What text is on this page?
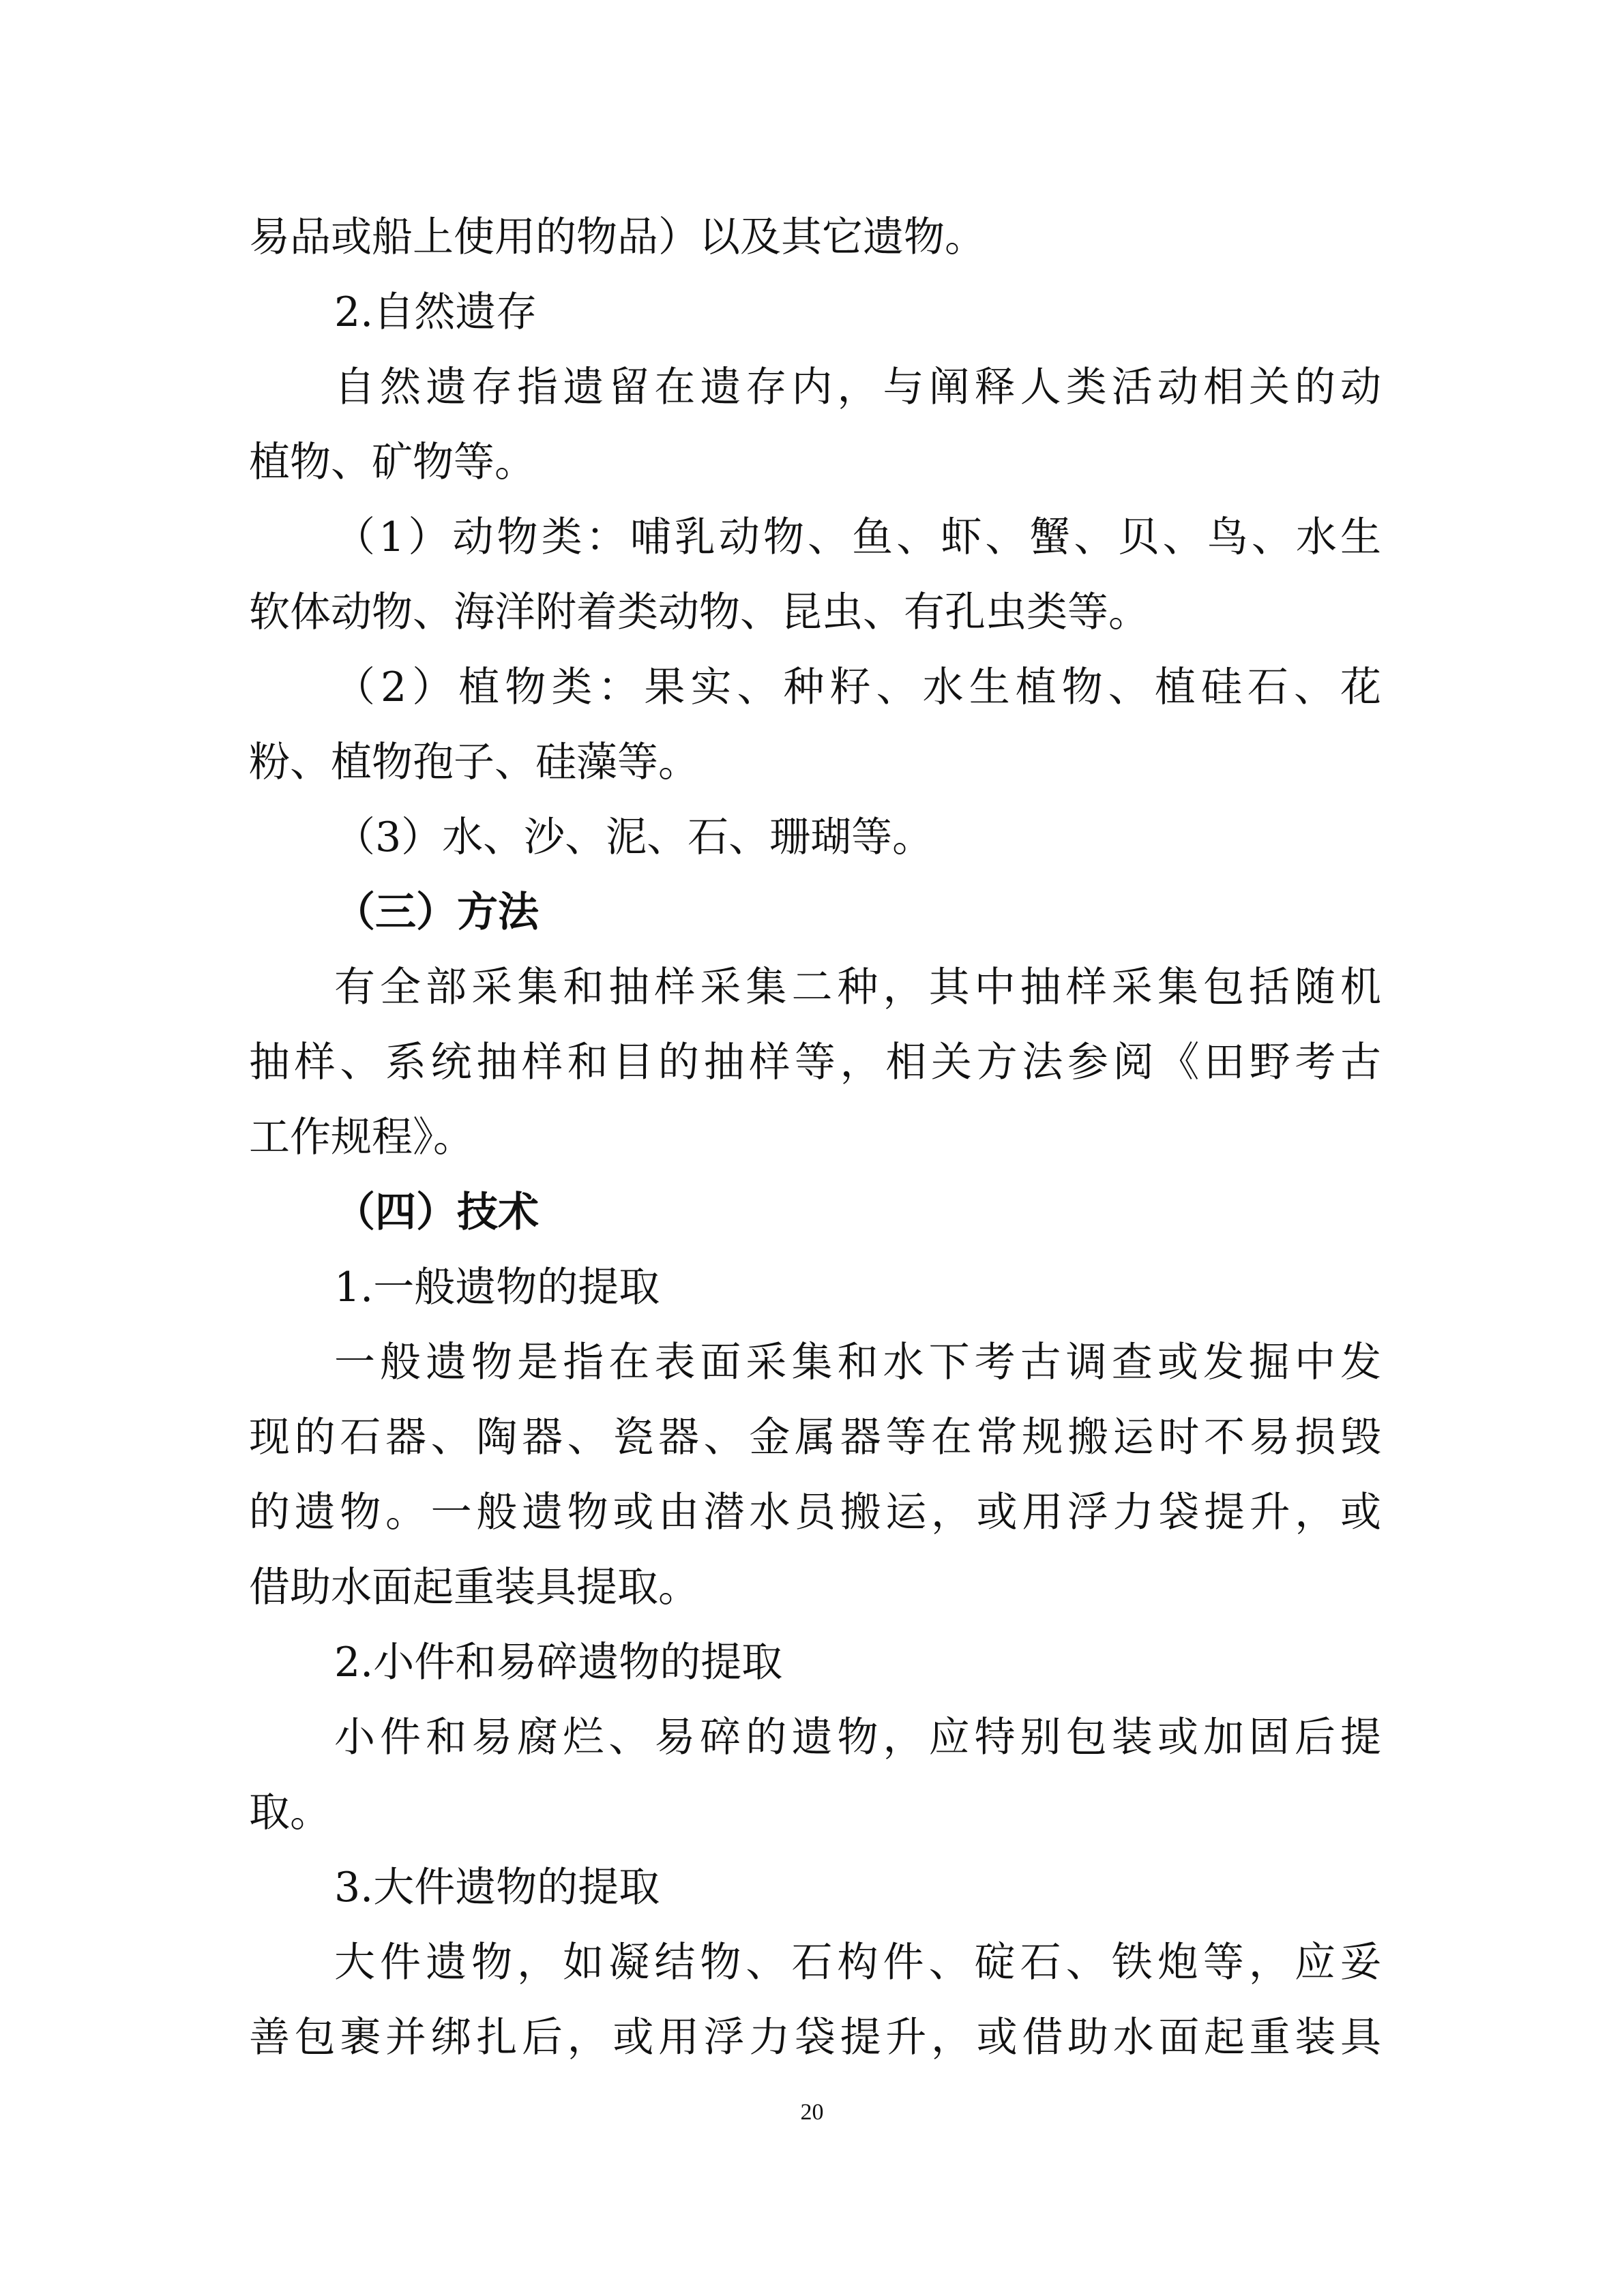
易品或船上使用的物品）以及其它遗物。
2.自然遗存
自然遗存指遗留在遗存内，与阐释人类活动相关的动
植物、矿物等。
（1）动物类：哺乳动物、鱼、虾、蟹、贝、鸟、水生
软体动物、海洋附着类动物、昆虫、有孔虫类等。
（2）植物类：果实、种籽、水生植物、植硅石、花
粉、植物孢子、硅藻等。
（3）水、沙、泥、石、珊瑚等。
（三）方法
有全部采集和抽样采集二种，其中抽样采集包括随机
抽样、系统抽样和目的抽样等，相关方法参阅《田野考古
工作规程》。
（四）技术
1.一般遗物的提取
一般遗物是指在表面采集和水下考古调查或发掘中发
现的石器、陶器、瓷器、金属器等在常规搬运时不易损毁
的遗物。一般遗物或由潜水员搬运，或用浮力袋提升，或
借助水面起重装具提取。
2.小件和易碎遗物的提取
小件和易腐烂、易碎的遗物，应特别包装或加固后提
取。
3.大件遗物的提取
大件遗物，如凝结物、石构件、碇石、铁炮等，应妥
善包裹并绑扎后，或用浮力袋提升，或借助水面起重装具
20
